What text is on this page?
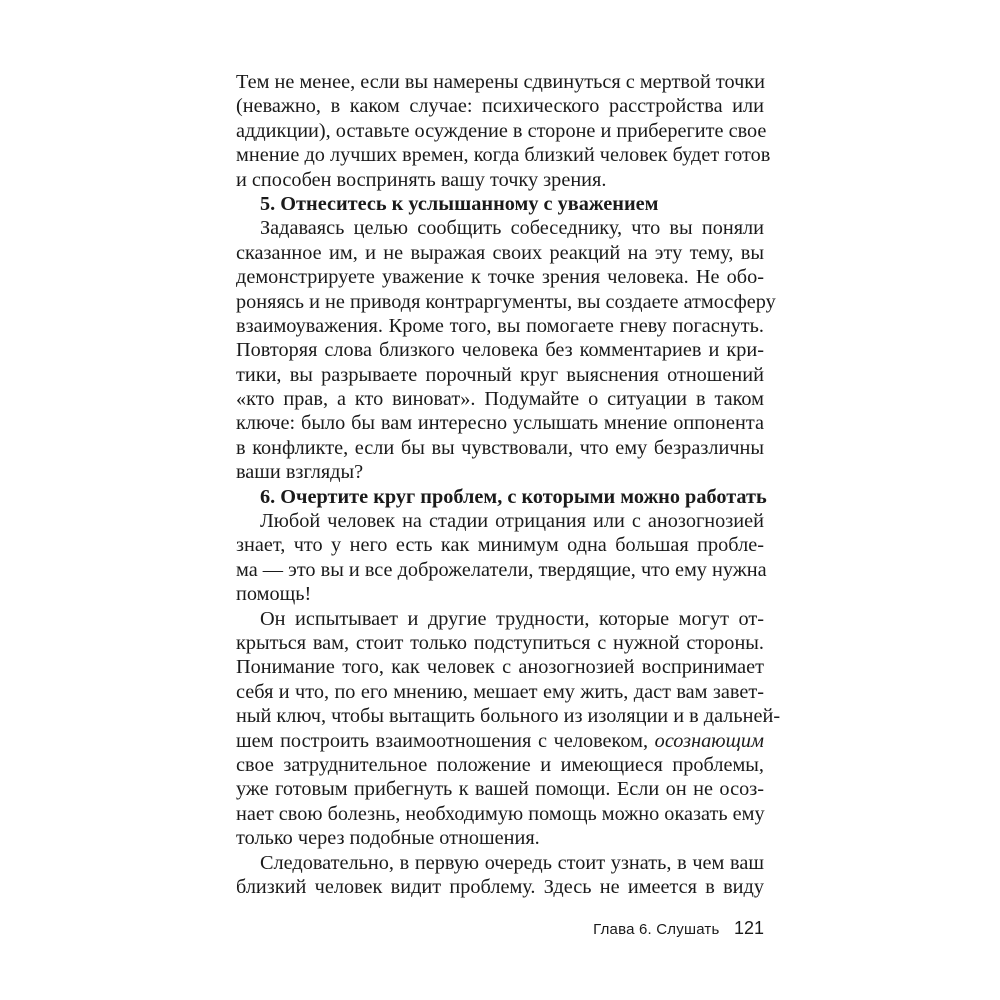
Тем не менее, если вы намерены сдвинуться с мертвой точки
(неважно, в каком случае: психического расстройства или
аддикции), оставьте осуждение в стороне и приберегите свое
мнение до лучших времен, когда близкий человек будет готов
и способен воспринять вашу точку зрения.
5. Отнеситесь к услышанному с уважением
Задаваясь целью сообщить собеседнику, что вы поняли
сказанное им, и не выражая своих реакций на эту тему, вы
демонстрируете уважение к точке зрения человека. Не обо-
роняясь и не приводя контраргументы, вы создаете атмосферу
взаимоуважения. Кроме того, вы помогаете гневу погаснуть.
Повторяя слова близкого человека без комментариев и кри-
тики, вы разрываете порочный круг выяснения отношений
«кто прав, а кто виноват». Подумайте о ситуации в таком
ключе: было бы вам интересно услышать мнение оппонента
в конфликте, если бы вы чувствовали, что ему безразличны
ваши взгляды?
6. Очертите круг проблем, с которыми можно работать
Любой человек на стадии отрицания или с анозогнозией
знает, что у него есть как минимум одна большая пробле-
ма — это вы и все доброжелатели, твердящие, что ему нужна
помощь!
Он испытывает и другие трудности, которые могут от-
крыться вам, стоит только подступиться с нужной стороны.
Понимание того, как человек с анозогнозией воспринимает
себя и что, по его мнению, мешает ему жить, даст вам завет-
ный ключ, чтобы вытащить больного из изоляции и в дальней-
шем построить взаимоотношения с человеком, осознающим
свое затруднительное положение и имеющиеся проблемы,
уже готовым прибегнуть к вашей помощи. Если он не осоз-
нает свою болезнь, необходимую помощь можно оказать ему
только через подобные отношения.
Следовательно, в первую очередь стоит узнать, в чем ваш
близкий человек видит проблему. Здесь не имеется в виду
Глава 6. Слушать 121
